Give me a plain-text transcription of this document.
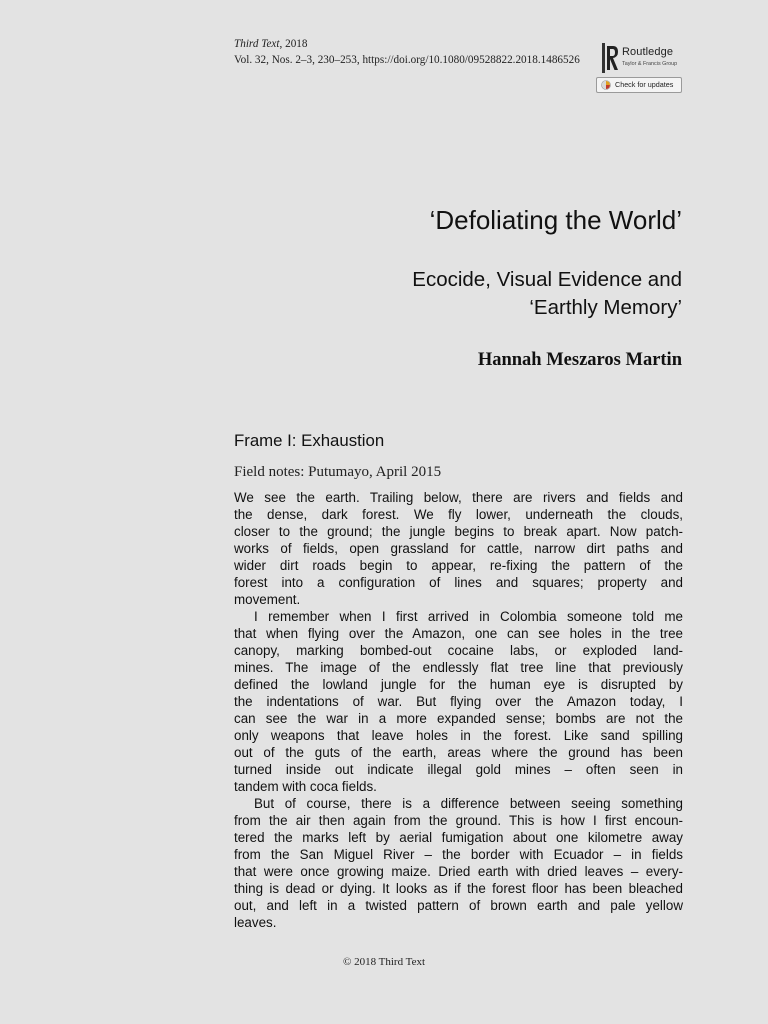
Third Text, 2018
Vol. 32, Nos. 2–3, 230–253, https://doi.org/10.1080/09528822.2018.1486526
Routledge
Taylor & Francis Group
Check for updates
‘Defoliating the World’
Ecocide, Visual Evidence and
‘Earthly Memory’
Hannah Meszaros Martin
Frame I: Exhaustion
Field notes: Putumayo, April 2015
We see the earth. Trailing below, there are rivers and fields and
the dense, dark forest. We fly lower, underneath the clouds,
closer to the ground; the jungle begins to break apart. Now patch-
works of fields, open grassland for cattle, narrow dirt paths and
wider dirt roads begin to appear, re-fixing the pattern of the
forest into a configuration of lines and squares; property and
movement.
I remember when I first arrived in Colombia someone told me
that when flying over the Amazon, one can see holes in the tree
canopy, marking bombed-out cocaine labs, or exploded land-
mines. The image of the endlessly flat tree line that previously
defined the lowland jungle for the human eye is disrupted by
the indentations of war. But flying over the Amazon today, I
can see the war in a more expanded sense; bombs are not the
only weapons that leave holes in the forest. Like sand spilling
out of the guts of the earth, areas where the ground has been
turned inside out indicate illegal gold mines – often seen in
tandem with coca fields.
But of course, there is a difference between seeing something
from the air then again from the ground. This is how I first encoun-
tered the marks left by aerial fumigation about one kilometre away
from the San Miguel River – the border with Ecuador – in fields
that were once growing maize. Dried earth with dried leaves – every-
thing is dead or dying. It looks as if the forest floor has been bleached
out, and left in a twisted pattern of brown earth and pale yellow
leaves.
© 2018 Third Text
